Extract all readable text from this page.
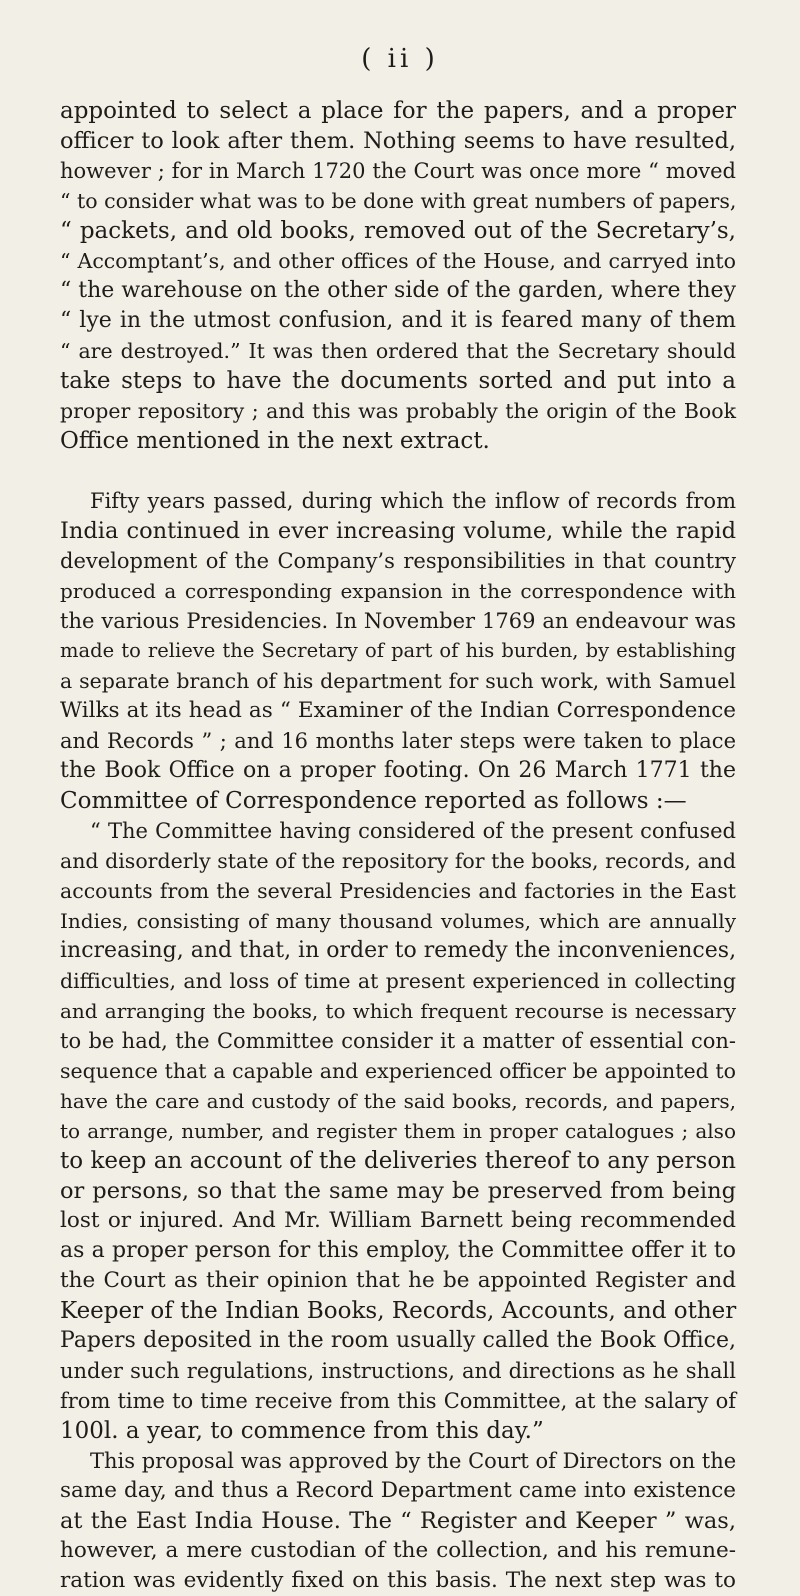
( ii )
appointed to select a place for the papers, and a proper
officer to look after them. Nothing seems to have resulted,
however ; for in March 1720 the Court was once more “ moved
“ to consider what was to be done with great numbers of papers,
“ packets, and old books, removed out of the Secretary’s,
“ Accomptant’s, and other offices of the House, and carryed into
“ the warehouse on the other side of the garden, where they
“ lye in the utmost confusion, and it is feared many of them
“ are destroyed.” It was then ordered that the Secretary should
take steps to have the documents sorted and put into a
proper repository ; and this was probably the origin of the Book
Office mentioned in the next extract.
Fifty years passed, during which the inflow of records from
India continued in ever increasing volume, while the rapid
development of the Company’s responsibilities in that country
produced a corresponding expansion in the correspondence with
the various Presidencies. In November 1769 an endeavour was
made to relieve the Secretary of part of his burden, by establishing
a separate branch of his department for such work, with Samuel
Wilks at its head as “ Examiner of the Indian Correspondence
and Records ” ; and 16 months later steps were taken to place
the Book Office on a proper footing. On 26 March 1771 the
Committee of Correspondence reported as follows :—
“ The Committee having considered of the present confused
and disorderly state of the repository for the books, records, and
accounts from the several Presidencies and factories in the East
Indies, consisting of many thousand volumes, which are annually
increasing, and that, in order to remedy the inconveniences,
difficulties, and loss of time at present experienced in collecting
and arranging the books, to which frequent recourse is necessary
to be had, the Committee consider it a matter of essential con-
sequence that a capable and experienced officer be appointed to
have the care and custody of the said books, records, and papers,
to arrange, number, and register them in proper catalogues ; also
to keep an account of the deliveries thereof to any person
or persons, so that the same may be preserved from being
lost or injured. And Mr. William Barnett being recommended
as a proper person for this employ, the Committee offer it to
the Court as their opinion that he be appointed Register and
Keeper of the Indian Books, Records, Accounts, and other
Papers deposited in the room usually called the Book Office,
under such regulations, instructions, and directions as he shall
from time to time receive from this Committee, at the salary of
100l. a year, to commence from this day.”
This proposal was approved by the Court of Directors on the
same day, and thus a Record Department came into existence
at the East India House. The “ Register and Keeper ” was,
however, a mere custodian of the collection, and his remune-
ration was evidently fixed on this basis. The next step was to
